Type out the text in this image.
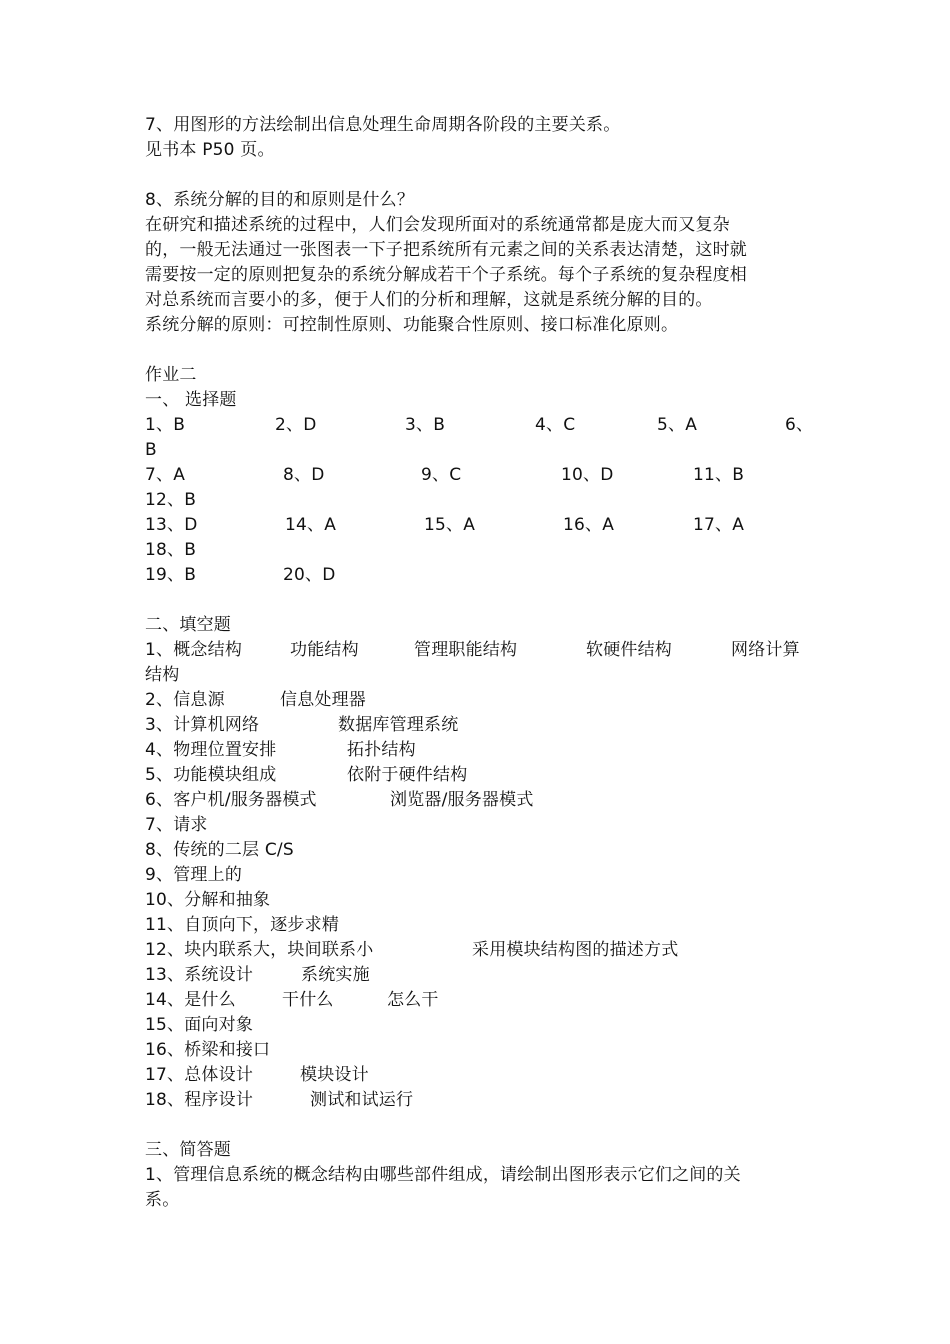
7、用图形的方法绘制出信息处理生命周期各阶段的主要关系。
见书本 P50 页。
8、系统分解的目的和原则是什么？
在研究和描述系统的过程中，人们会发现所面对的系统通常都是庞大而又复杂
的，一般无法通过一张图表一下子把系统所有元素之间的关系表达清楚，这时就
需要按一定的原则把复杂的系统分解成若干个子系统。每个子系统的复杂程度相
对总系统而言要小的多，便于人们的分析和理解，这就是系统分解的目的。
系统分解的原则：可控制性原则、功能聚合性原则、接口标准化原则。
作业二
一、 选择题
1、B	2、D	3、B	4、C	5、A	6、
B
7、A	8、D	9、C	10、D	11、B
12、B
13、D	14、A	15、A	16、A	17、A
18、B
19、B	20、D
二、填空题
1、概念结构	功能结构	管理职能结构	软硬件结构	网络计算
结构
2、信息源	信息处理器
3、计算机网络	数据库管理系统
4、物理位置安排	拓扑结构
5、功能模块组成	依附于硬件结构
6、客户机/服务器模式	浏览器/服务器模式
7、请求
8、传统的二层 C/S
9、管理上的
10、分解和抽象
11、自顶向下，逐步求精
12、块内联系大，块间联系小	采用模块结构图的描述方式
13、系统设计	系统实施
14、是什么	干什么	怎么干
15、面向对象
16、桥梁和接口
17、总体设计	模块设计
18、程序设计	测试和试运行
三、简答题
1、管理信息系统的概念结构由哪些部件组成，请绘制出图形表示它们之间的关
系。
